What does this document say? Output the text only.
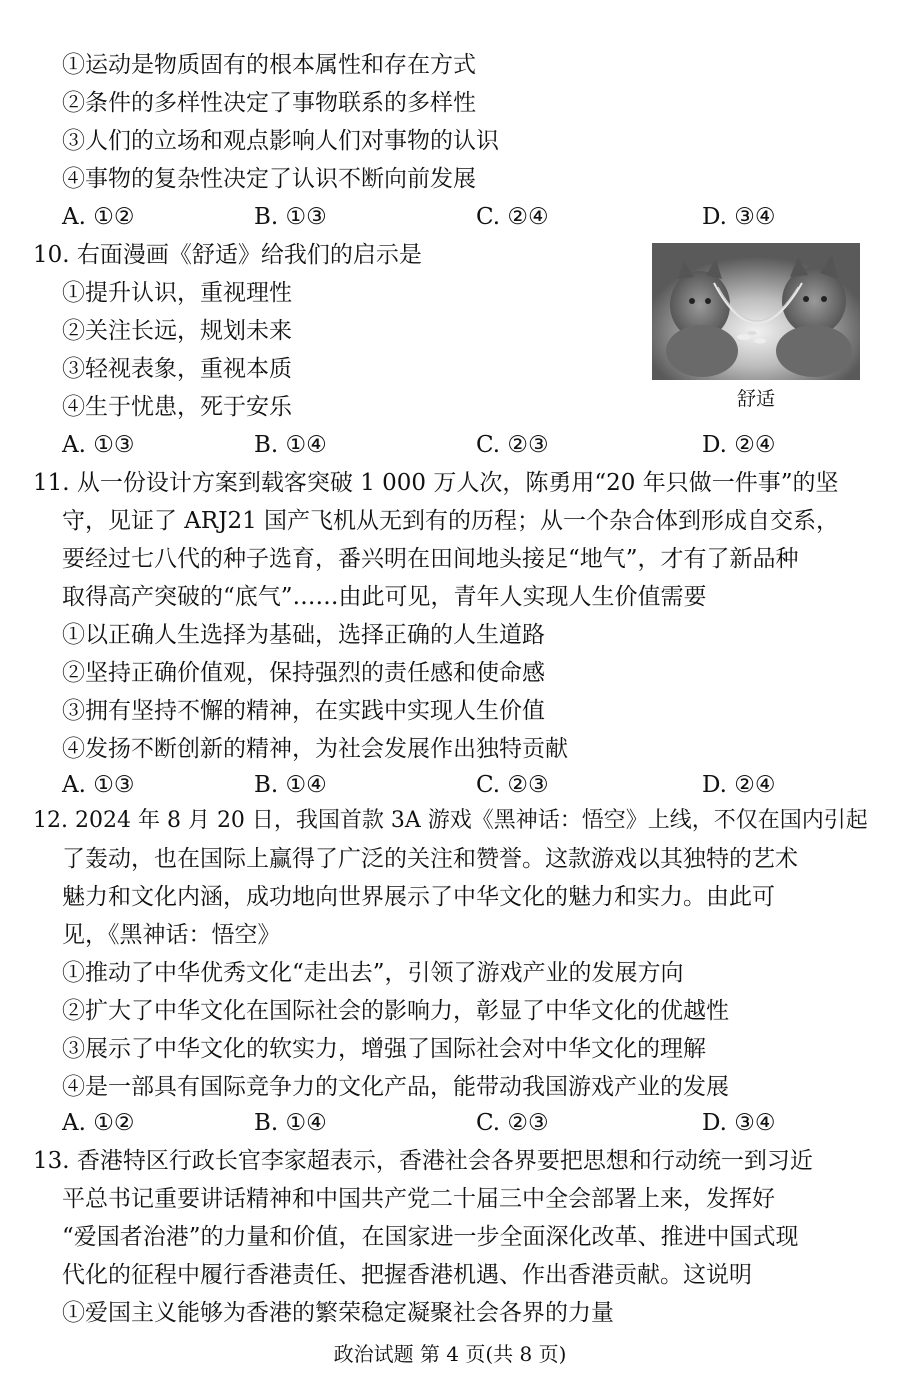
①运动是物质固有的根本属性和存在方式
②条件的多样性决定了事物联系的多样性
③人们的立场和观点影响人们对事物的认识
④事物的复杂性决定了认识不断向前发展
A. ①②	B. ①③	C. ②④	D. ③④
10. 右面漫画《舒适》给我们的启示是
①提升认识，重视理性
②关注长远，规划未来
③轻视表象，重视本质
④生于忧患，死于安乐	舒适
A. ①③	B. ①④	C. ②③	D. ②④
11. 从一份设计方案到载客突破 1 000 万人次，陈勇用“20 年只做一件事”的坚
守，见证了 ARJ21 国产飞机从无到有的历程；从一个杂合体到形成自交系，
要经过七八代的种子选育，番兴明在田间地头接足“地气”，才有了新品种
取得高产突破的“底气”……由此可见，青年人实现人生价值需要
①以正确人生选择为基础，选择正确的人生道路
②坚持正确价值观，保持强烈的责任感和使命感
③拥有坚持不懈的精神，在实践中实现人生价值
④发扬不断创新的精神，为社会发展作出独特贡献
A. ①③	B. ①④	C. ②③	D. ②④
12. 2024 年 8 月 20 日，我国首款 3A 游戏《黑神话：悟空》上线，不仅在国内引起
了轰动，也在国际上赢得了广泛的关注和赞誉。这款游戏以其独特的艺术
魅力和文化内涵，成功地向世界展示了中华文化的魅力和实力。由此可
见，《黑神话：悟空》
①推动了中华优秀文化“走出去”，引领了游戏产业的发展方向
②扩大了中华文化在国际社会的影响力，彰显了中华文化的优越性
③展示了中华文化的软实力，增强了国际社会对中华文化的理解
④是一部具有国际竞争力的文化产品，能带动我国游戏产业的发展
A. ①②	B. ①④	C. ②③	D. ③④
13. 香港特区行政长官李家超表示，香港社会各界要把思想和行动统一到习近
平总书记重要讲话精神和中国共产党二十届三中全会部署上来，发挥好
“爱国者治港”的力量和价值，在国家进一步全面深化改革、推进中国式现
代化的征程中履行香港责任、把握香港机遇、作出香港贡献。这说明
①爱国主义能够为香港的繁荣稳定凝聚社会各界的力量
政治试题 第 4 页(共 8 页)
